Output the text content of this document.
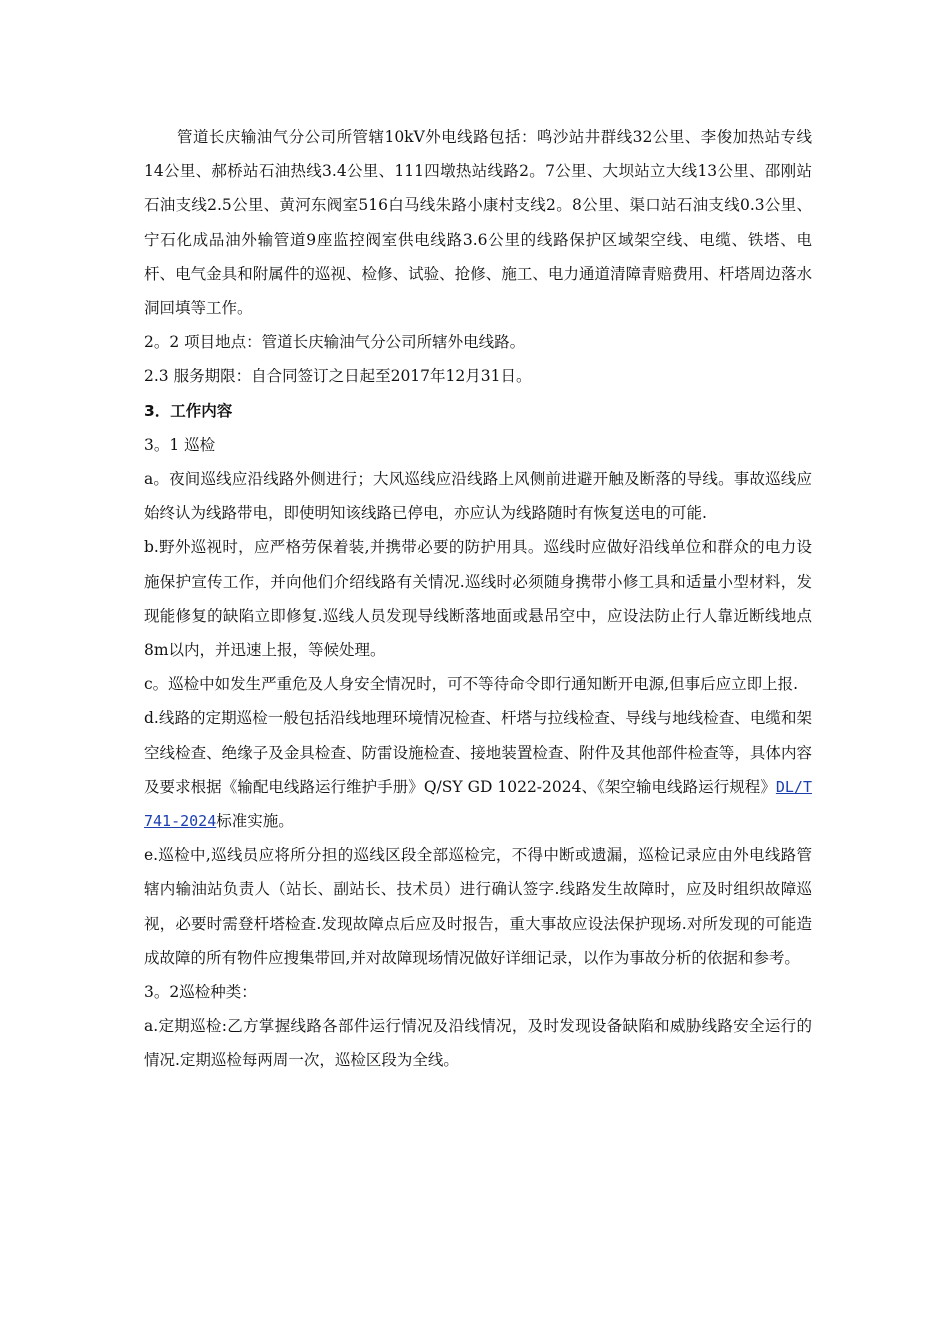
管道长庆输油气分公司所管辖10kV外电线路包括：鸣沙站井群线32公里、李俊加热站专线14公里、郝桥站石油热线3.4公里、111四墩热站线路2。7公里、大坝站立大线13公里、邵刚站石油支线2.5公里、黄河东阀室516白马线朱路小康村支线2。8公里、渠口站石油支线0.3公里、宁石化成品油外输管道9座监控阀室供电线路3.6公里的线路保护区域架空线、电缆、铁塔、电杆、电气金具和附属件的巡视、检修、试验、抢修、施工、电力通道清障青赔费用、杆塔周边落水洞回填等工作。

2。2 项目地点：管道长庆输油气分公司所辖外电线路。

2.3 服务期限：自合同签订之日起至2017年12月31日。

3．工作内容

3。1 巡检

a。夜间巡线应沿线路外侧进行；大风巡线应沿线路上风侧前进避开触及断落的导线。事故巡线应始终认为线路带电，即使明知该线路已停电，亦应认为线路随时有恢复送电的可能.

b.野外巡视时，应严格劳保着装,并携带必要的防护用具。巡线时应做好沿线单位和群众的电力设施保护宣传工作，并向他们介绍线路有关情况.巡线时必须随身携带小修工具和适量小型材料，发现能修复的缺陷立即修复.巡线人员发现导线断落地面或悬吊空中，应设法防止行人靠近断线地点8m以内，并迅速上报，等候处理。

c。巡检中如发生严重危及人身安全情况时，可不等待命令即行通知断开电源,但事后应立即上报.

d.线路的定期巡检一般包括沿线地理环境情况检查、杆塔与拉线检查、导线与地线检查、电缆和架空线检查、绝缘子及金具检查、防雷设施检查、接地装置检查、附件及其他部件检查等，具体内容及要求根据《输配电线路运行维护手册》Q/SY GD 1022-2024、《架空输电线路运行规程》DL/T 741-2024标准实施。

e.巡检中,巡线员应将所分担的巡线区段全部巡检完，不得中断或遗漏，巡检记录应由外电线路管辖内输油站负责人（站长、副站长、技术员）进行确认签字.线路发生故障时，应及时组织故障巡视，必要时需登杆塔检查.发现故障点后应及时报告，重大事故应设法保护现场.对所发现的可能造成故障的所有物件应搜集带回,并对故障现场情况做好详细记录，以作为事故分析的依据和参考。

3。2巡检种类：

a.定期巡检:乙方掌握线路各部件运行情况及沿线情况，及时发现设备缺陷和威胁线路安全运行的情况.定期巡检每两周一次，巡检区段为全线。
